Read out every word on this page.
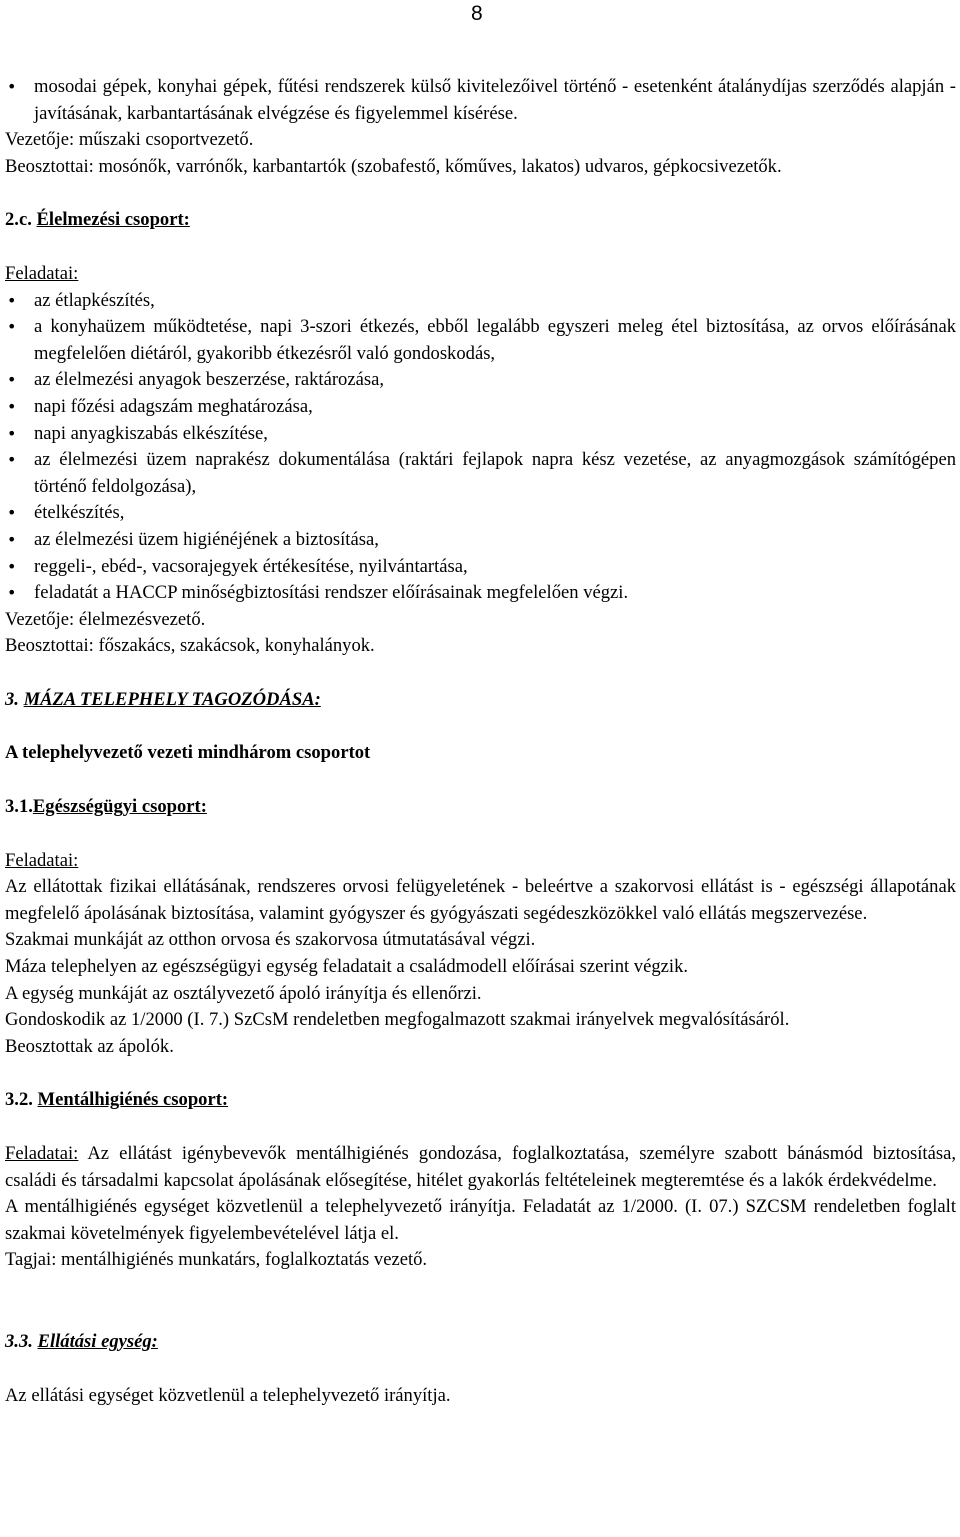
8
• mosodai gépek, konyhai gépek, fűtési rendszerek külső kivitelezőivel történő - esetenként átalánydíjas szerződés alapján - javításának, karbantartásának elvégzése és figyelemmel kísérése.

Vezetője: műszaki csoportvezető.

Beosztottai: mosónők, varrónők, karbantartók (szobafestő, kőműves, lakatos) udvaros, gépkocsivezetők.

2.c. Élelmezési csoport:

Feladatai:

• az étlapkészítés,
• a konyhaüzem működtetése, napi 3-szori étkezés, ebből legalább egyszeri meleg étel biztosítása, az orvos előírásának megfelelően diétáról, gyakoribb étkezésről való gondoskodás,
• az élelmezési anyagok beszerzése, raktározása,
• napi főzési adagszám meghatározása,
• napi anyagkiszabás elkészítése,
• az élelmezési üzem naprakész dokumentálása (raktári fejlapok napra kész vezetése, az anyagmozgások számítógépen történő feldolgozása),
• ételkészítés,
• az élelmezési üzem higiénéjének a biztosítása,
• reggeli-, ebéd-, vacsorajegyek értékesítése, nyilvántartása,
• feladatát a HACCP minőségbiztosítási rendszer előírásainak megfelelően végzi.

Vezetője: élelmezésvezető.

Beosztottai: főszakács, szakácsok, konyhalányok.

3. MÁZA TELEPHELY TAGOZÓDÁSA:

A telephelyvezető vezeti mindhárom csoportot

3.1.Egészségügyi csoport:

Feladatai:

Az ellátottak fizikai ellátásának, rendszeres orvosi felügyeletének - beleértve a szakorvosi ellátást is - egészségi állapotának megfelelő ápolásának biztosítása, valamint gyógyszer és gyógyászati segédeszközökkel való ellátás megszervezése.

Szakmai munkáját az otthon orvosa és szakorvosa útmutatásával végzi.

Máza telephelyen az egészségügyi egység feladatait a családmodell előírásai szerint végzik.

A egység munkáját az osztályvezető ápoló irányítja és ellenőrzi.

Gondoskodik az 1/2000 (I. 7.) SzCsM rendeletben megfogalmazott szakmai irányelvek megvalósításáról.

Beosztottak az ápolók.

3.2. Mentálhigiénés csoport:

Feladatai: Az ellátást igénybevevők mentálhigiénés gondozása, foglalkoztatása, személyre szabott bánásmód biztosítása, családi és társadalmi kapcsolat ápolásának elősegítése, hitélet gyakorlás feltételeinek megteremtése és a lakók érdekvédelme.

A mentálhigiénés egységet közvetlenül a telephelyvezető irányítja. Feladatát az 1/2000. (I. 07.) SZCSM rendeletben foglalt szakmai követelmények figyelembevételével látja el.

Tagjai: mentálhigiénés munkatárs, foglalkoztatás vezető.

3.3. Ellátási egység:

Az ellátási egységet közvetlenül a telephelyvezető irányítja.
